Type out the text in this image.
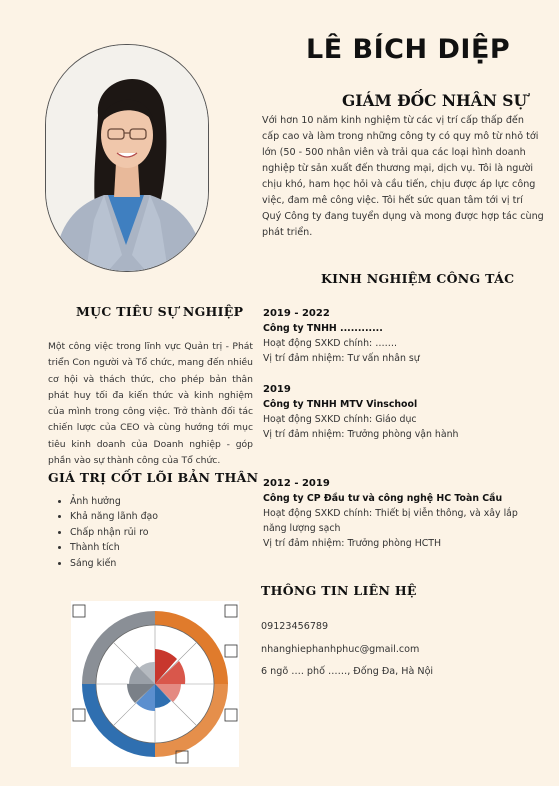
LÊ BÍCH DIỆP
GIÁM ĐỐC NHÂN SỰ
Với hơn 10 năm kinh nghiệm từ các vị trí cấp thấp đến cấp cao và làm trong những công ty có quy mô từ nhỏ tới lớn (50 - 500 nhân viên và trải qua các loại hình doanh nghiệp từ sản xuất đến thương mại, dịch vụ. Tôi là người chịu khó, ham học hỏi và cầu tiến, chịu được áp lực công việc, đam mê công việc. Tôi hết sức quan tâm tới vị trí Quý Công ty đang tuyển dụng và mong được hợp tác cùng phát triển.
KINH NGHIỆM CÔNG TÁC
MỤC TIÊU SỰ NGHIỆP
Một công việc trong lĩnh vực Quản trị - Phát triển Con người và Tổ chức, mang đến nhiều cơ hội và thách thức, cho phép bản thân phát huy tối đa kiến thức và kinh nghiệm của mình trong công việc. Trở thành đối tác chiến lược của CEO và cùng hướng tới mục tiêu kinh doanh của Doanh nghiệp - góp phần vào sự thành công của Tổ chức.
GIÁ TRỊ CỐT LÕI BẢN THÂN
• Ảnh hưởng
• Khả năng lãnh đạo
• Chấp nhận rủi ro
• Thành tích
• Sáng kiến
2019 - 2022
Công ty TNHH ............
Hoạt động SXKD chính: …….
Vị trí đảm nhiệm: Tư vấn nhân sự
2019
Công ty TNHH MTV Vinschool
Hoạt động SXKD chính: Giáo dục
Vị trí đảm nhiệm: Trưởng phòng vận hành
2012 - 2019
Công ty CP Đầu tư và công nghệ HC Toàn Cầu
Hoạt động SXKD chính: Thiết bị viễn thông, và xây lắp năng lượng sạch
Vị trí đảm nhiệm: Trưởng phòng HCTH
THÔNG TIN LIÊN HỆ
09123456789
nhanghiephanhphuc@gmail.com
6 ngõ …. phố ……, Đống Đa, Hà Nội
